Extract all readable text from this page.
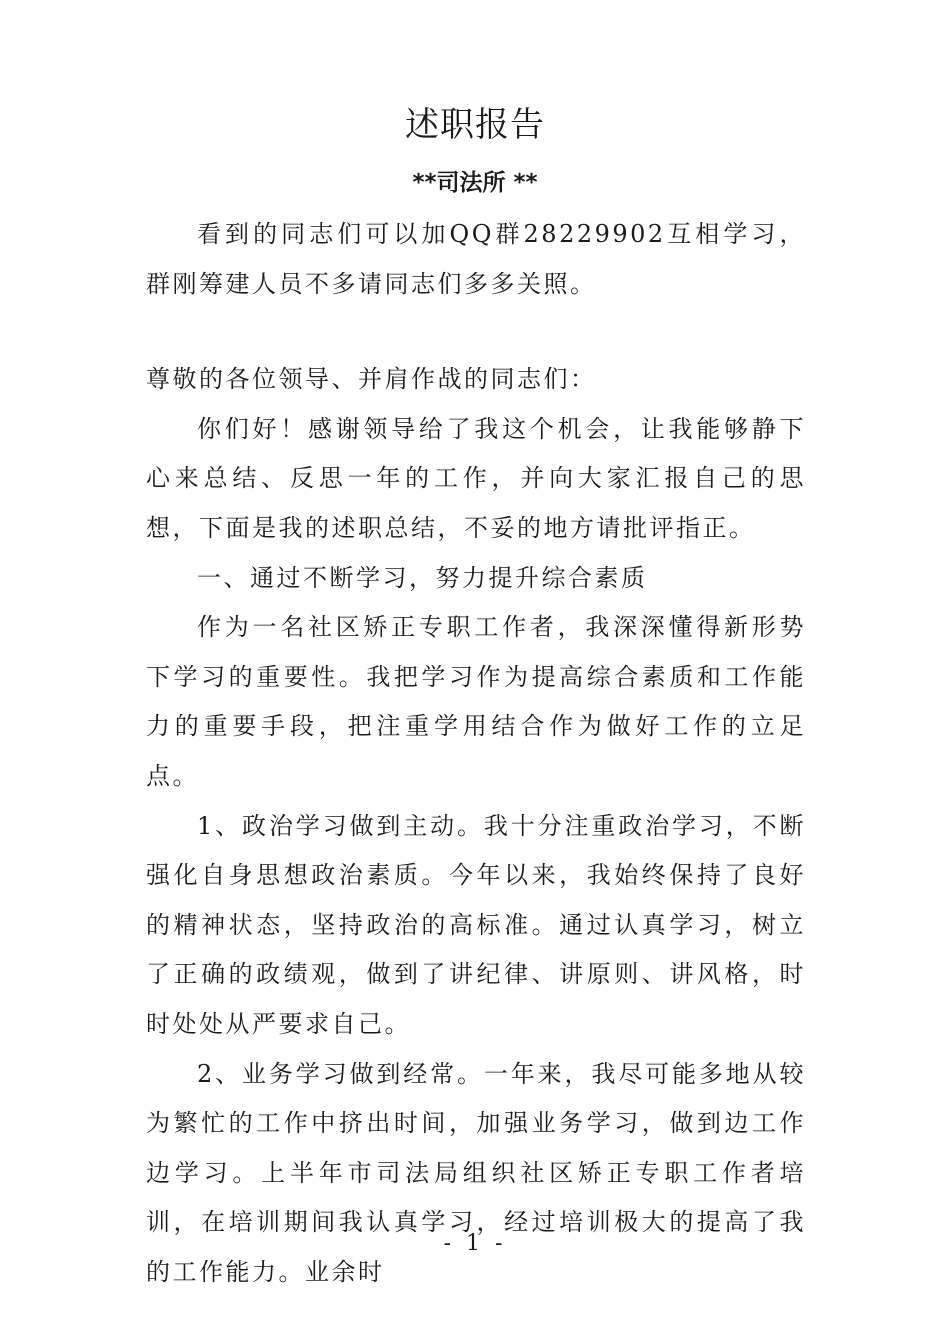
述职报告
**司法所 **

看到的同志们可以加QQ群28229902互相学习，群刚筹建人员不多请同志们多多关照。

尊敬的各位领导、并肩作战的同志们：

你们好！感谢领导给了我这个机会，让我能够静下心来总结、反思一年的工作，并向大家汇报自己的思想，下面是我的述职总结，不妥的地方请批评指正。

一、通过不断学习，努力提升综合素质

作为一名社区矫正专职工作者，我深深懂得新形势下学习的重要性。我把学习作为提高综合素质和工作能力的重要手段，把注重学用结合作为做好工作的立足点。

1、政治学习做到主动。我十分注重政治学习，不断强化自身思想政治素质。今年以来，我始终保持了良好的精神状态，坚持政治的高标准。通过认真学习，树立了正确的政绩观，做到了讲纪律、讲原则、讲风格，时时处处从严要求自己。

2、业务学习做到经常。一年来，我尽可能多地从较为繁忙的工作中挤出时间，加强业务学习，做到边工作边学习。上半年市司法局组织社区矫正专职工作者培训，在培训期间我认真学习，经过培训极大的提高了我的工作能力。业余时

- 1 -
